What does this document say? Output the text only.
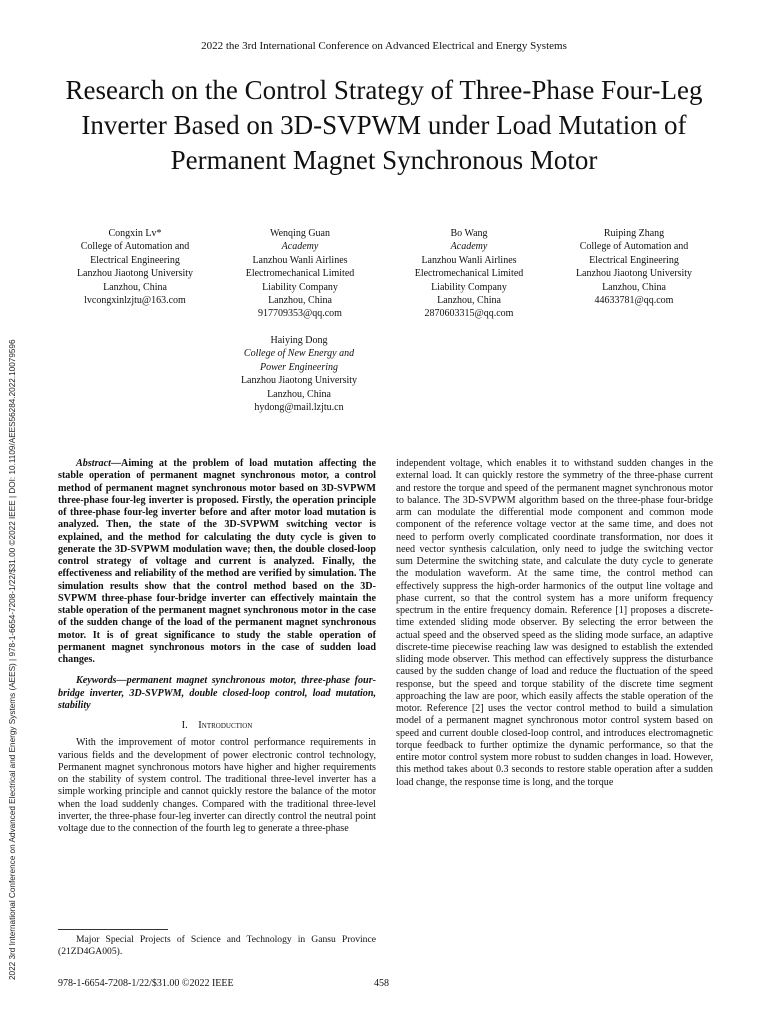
2022 the 3rd International Conference on Advanced Electrical and Energy Systems
Research on the Control Strategy of Three-Phase Four-Leg Inverter Based on 3D-SVPWM under Load Mutation of Permanent Magnet Synchronous Motor
2022 3rd International Conference on Advanced Electrical and Energy Systems (AEES) | 978-1-6654-7208-1/22/$31.00 ©2022 IEEE | DOI: 10.1109/AEES56284.2022.10079596
Congxin Lv*
College of Automation and
Electrical Engineering
Lanzhou Jiaotong University
Lanzhou, China
lvcongxinlzjtu@163.com
Wenqing Guan
Academy
Lanzhou Wanli Airlines
Electromechanical Limited
Liability Company
Lanzhou, China
917709353@qq.com
Bo Wang
Academy
Lanzhou Wanli Airlines
Electromechanical Limited
Liability Company
Lanzhou, China
2870603315@qq.com
Ruiping Zhang
College of Automation and
Electrical Engineering
Lanzhou Jiaotong University
Lanzhou, China
44633781@qq.com
Haiying Dong
College of New Energy and
Power Engineering
Lanzhou Jiaotong University
Lanzhou, China
hydong@mail.lzjtu.cn

Abstract—Aiming at the problem of load mutation affecting the stable operation of permanent magnet synchronous motor, a control method of permanent magnet synchronous motor based on 3D-SVPWM three-phase four-leg inverter is proposed. Firstly, the operation principle of three-phase four-leg inverter before and after motor load mutation is analyzed. Then, the state of the 3D-SVPWM switching vector is explained, and the method for calculating the duty cycle is given to generate the 3D-SVPWM modulation wave; then, the double closed-loop control strategy of voltage and current is analyzed. Finally, the effectiveness and reliability of the method are verified by simulation. The simulation results show that the control method based on the 3D-SVPWM three-phase four-bridge inverter can effectively maintain the stable operation of the permanent magnet synchronous motor in the case of the sudden change of the load of the permanent magnet synchronous motor. It is of great significance to study the stable operation of permanent magnet synchronous motors in the case of sudden load changes.

Keywords—permanent magnet synchronous motor, three-phase four-bridge inverter, 3D-SVPWM, double closed-loop control, load mutation, stability

I. Introduction

With the improvement of motor control performance requirements in various fields and the development of power electronic control technology, Permanent magnet synchronous motors have higher and higher requirements on the stability of system control. The traditional three-level inverter has a simple working principle and cannot quickly restore the balance of the motor when the load suddenly changes. Compared with the traditional three-level inverter, the three-phase four-leg inverter can directly control the neutral point voltage due to the connection of the fourth leg to generate a three-phase

independent voltage, which enables it to withstand sudden changes in the external load. It can quickly restore the symmetry of the three-phase current and restore the torque and speed of the permanent magnet synchronous motor to balance. The 3D-SVPWM algorithm based on the three-phase four-bridge arm can modulate the differential mode component and common mode component of the reference voltage vector at the same time, and does not need to perform overly complicated coordinate transformation, nor does it need vector synthesis calculation, only need to judge the switching vector sum Determine the switching state, and calculate the duty cycle to generate the modulation waveform. At the same time, the control method can effectively suppress the high-order harmonics of the output line voltage and phase current, so that the control system has a more uniform frequency spectrum in the entire frequency domain. Reference [1] proposes a discrete-time extended sliding mode observer. By selecting the error between the actual speed and the observed speed as the sliding mode surface, an adaptive discrete-time piecewise reaching law was designed to establish the extended sliding mode observer. This method can effectively suppress the disturbance caused by the sudden change of load and reduce the fluctuation of the speed response, but the speed and torque stability of the discrete time segment approaching the law are poor, which easily affects the stable operation of the motor. Reference [2] uses the vector control method to build a simulation model of a permanent magnet synchronous motor control system based on speed and current double closed-loop control, and introduces electromagnetic torque feedback to further optimize the dynamic performance, so that the entire motor control system more robust to sudden changes in load. However, this method takes about 0.3 seconds to restore stable operation after a sudden load change, the response time is long, and the torque

Major Special Projects of Science and Technology in Gansu Province (21ZD4GA005).
978-1-6654-7208-1/22/$31.00 ©2022 IEEE	458
